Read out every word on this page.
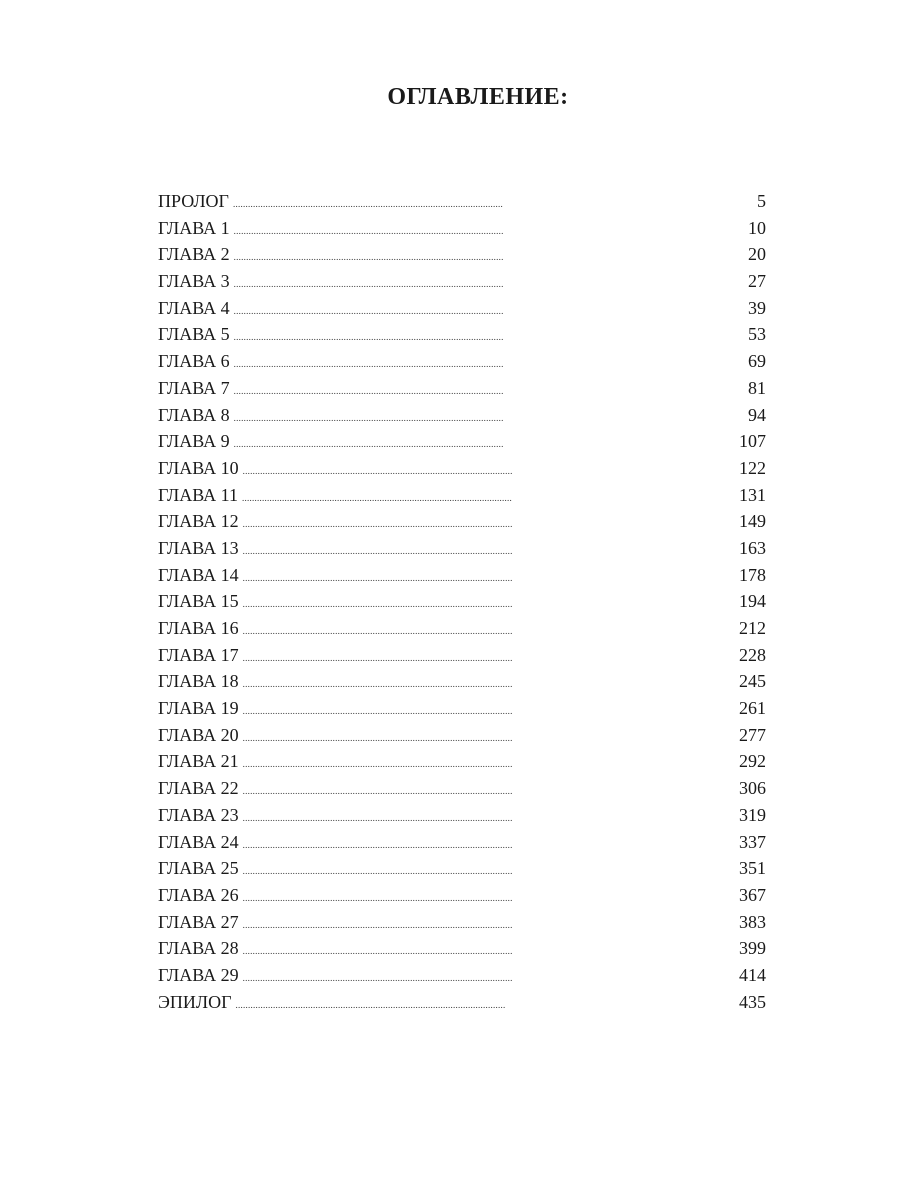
ОГЛАВЛЕНИЕ:
ПРОЛОГ . . .	5
ГЛАВА 1 . . .	10
ГЛАВА 2 . . .	20
ГЛАВА 3 . . .	27
ГЛАВА 4 . . .	39
ГЛАВА 5 . . .	53
ГЛАВА 6 . . .	69
ГЛАВА 7 . . .	81
ГЛАВА 8 . . .	94
ГЛАВА 9 . . .	107
ГЛАВА 10 . . .	122
ГЛАВА 11 . . .	131
ГЛАВА 12 . . .	149
ГЛАВА 13 . . .	163
ГЛАВА 14 . . .	178
ГЛАВА 15 . . .	194
ГЛАВА 16 . . .	212
ГЛАВА 17 . . .	228
ГЛАВА 18 . . .	245
ГЛАВА 19 . . .	261
ГЛАВА 20 . . .	277
ГЛАВА 21 . . .	292
ГЛАВА 22 . . .	306
ГЛАВА 23 . . .	319
ГЛАВА 24 . . .	337
ГЛАВА 25 . . .	351
ГЛАВА 26 . . .	367
ГЛАВА 27 . . .	383
ГЛАВА 28 . . .	399
ГЛАВА 29 . . .	414
ЭПИЛОГ . . .	435
